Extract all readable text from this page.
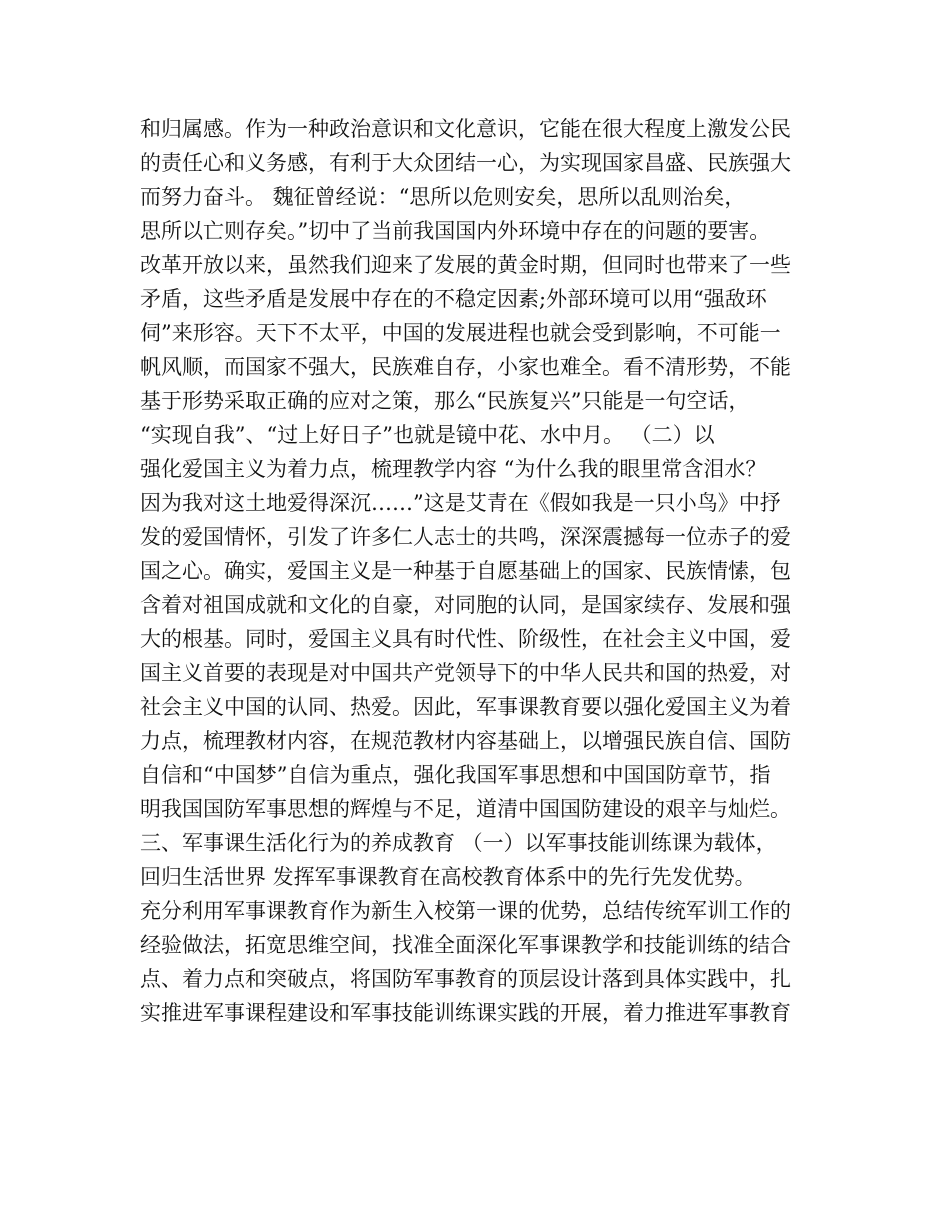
和归属感。作为一种政治意识和文化意识，它能在很大程度上激发公民
的责任心和义务感，有利于大众团结一心，为实现国家昌盛、民族强大
而努力奋斗。 魏征曾经说：“思所以危则安矣，思所以乱则治矣，
思所以亡则存矣。”切中了当前我国国内外环境中存在的问题的要害。
改革开放以来，虽然我们迎来了发展的黄金时期，但同时也带来了一些
矛盾，这些矛盾是发展中存在的不稳定因素;外部环境可以用“强敌环
伺”来形容。天下不太平，中国的发展进程也就会受到影响，不可能一
帆风顺，而国家不强大，民族难自存，小家也难全。看不清形势，不能
基于形势采取正确的应对之策，那么“民族复兴”只能是一句空话，
“实现自我”、“过上好日子”也就是镜中花、水中月。 （二）以
强化爱国主义为着力点，梳理教学内容 “为什么我的眼里常含泪水？
因为我对这土地爱得深沉……”这是艾青在《假如我是一只小鸟》中抒
发的爱国情怀，引发了许多仁人志士的共鸣，深深震撼每一位赤子的爱
国之心。确实，爱国主义是一种基于自愿基础上的国家、民族情愫，包
含着对祖国成就和文化的自豪，对同胞的认同，是国家续存、发展和强
大的根基。同时，爱国主义具有时代性、阶级性，在社会主义中国，爱
国主义首要的表现是对中国共产党领导下的中华人民共和国的热爱，对
社会主义中国的认同、热爱。因此，军事课教育要以强化爱国主义为着
力点，梳理教材内容，在规范教材内容基础上，以增强民族自信、国防
自信和“中国梦”自信为重点，强化我国军事思想和中国国防章节，指
明我国国防军事思想的辉煌与不足，道清中国国防建设的艰辛与灿烂。
三、军事课生活化行为的养成教育 （一）以军事技能训练课为载体，
回归生活世界 发挥军事课教育在高校教育体系中的先行先发优势。
充分利用军事课教育作为新生入校第一课的优势，总结传统军训工作的
经验做法，拓宽思维空间，找准全面深化军事课教学和技能训练的结合
点、着力点和突破点，将国防军事教育的顶层设计落到具体实践中，扎
实推进军事课程建设和军事技能训练课实践的开展，着力推进军事教育
